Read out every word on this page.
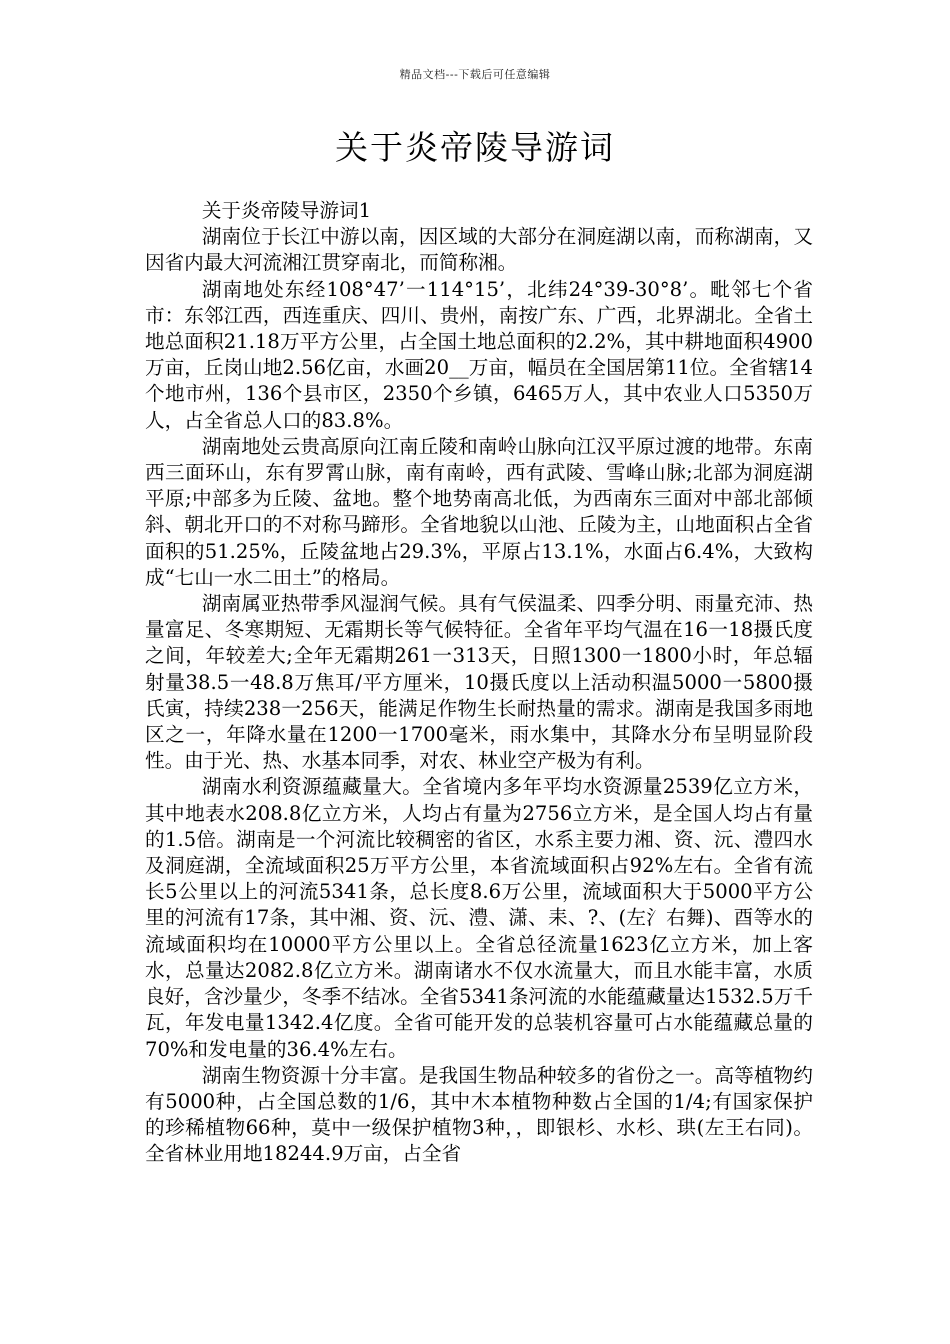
精品文档---下载后可任意编辑
关于炎帝陵导游词

关于炎帝陵导游词1

湖南位于长江中游以南，因区域的大部分在洞庭湖以南，而称湖南，又因省内最大河流湘江贯穿南北，而简称湘。

湖南地处东经108°47’一114°15’，北纬24°39-30°8’。毗邻七个省市：东邻江西，西连重庆、四川、贵州，南按广东、广西，北界湖北。全省土地总面积21.18万平方公里，占全国土地总面积的2.2%，其中耕地面积4900万亩，丘岗山地2.56亿亩，水画20__万亩，幅员在全国居第11位。全省辖14个地市州，136个县市区，2350个乡镇，6465万人，其中农业人口5350万人，占全省总人口的83.8%。

湖南地处云贵高原向江南丘陵和南岭山脉向江汉平原过渡的地带。东南西三面环山，东有罗霄山脉，南有南岭，西有武陵、雪峰山脉;北部为洞庭湖平原;中部多为丘陵、盆地。整个地势南高北低，为西南东三面对中部北部倾斜、朝北开口的不对称马蹄形。全省地貌以山池、丘陵为主，山地面积占全省面积的51.25%，丘陵盆地占29.3%，平原占13.1%，水面占6.4%，大致构成“七山一水二田土”的格局。

湖南属亚热带季风湿润气候。具有气侯温柔、四季分明、雨量充沛、热量富足、冬寒期短、无霜期长等气候特征。全省年平均气温在16一18摄氏度之间，年较差大;全年无霜期261一313天，日照1300一1800小时，年总辐射量38.5一48.8万焦耳/平方厘米，10摄氏度以上活动积温5000一5800摄氏寅，持续238一256天，能满足作物生长耐热量的需求。湖南是我国多雨地区之一，年降水量在1200一1700毫米，雨水集中，其降水分布呈明显阶段性。由于光、热、水基本同季，对农、林业空产极为有利。

湖南水利资源蕴藏量大。全省境内多年平均水资源量2539亿立方米，其中地表水208.8亿立方米，人均占有量为2756立方米，是全国人均占有量的1.5倍。湖南是一个河流比较稠密的省区，水系主要力湘、资、沅、澧四水及洞庭湖，全流域面积25万平方公里，本省流域面积占92%左右。全省有流长5公里以上的河流5341条，总长度8.6万公里，流域面积大于5000平方公里的河流有17条，其中湘、资、沅、澧、潇、耒、?、(左氵右舞)、酉等水的流域面积均在10000平方公里以上。全省总径流量1623亿立方米，加上客水，总量达2082.8亿立方米。湖南诸水不仅水流量大，而且水能丰富，水质良好，含沙量少，冬季不结冰。全省5341条河流的水能蕴藏量达1532.5万千瓦，年发电量1342.4亿度。全省可能开发的总装机容量可占水能蕴藏总量的70%和发电量的36.4%左右。

湖南生物资源十分丰富。是我国生物品种较多的省份之一。高等植物约有5000种，占全国总数的1/6，其中木本植物种数占全国的1/4;有国家保护的珍稀植物66种，莫中一级保护植物3种，，即银杉、水杉、珙(左王右同)。全省林业用地18244.9万亩，占全省
